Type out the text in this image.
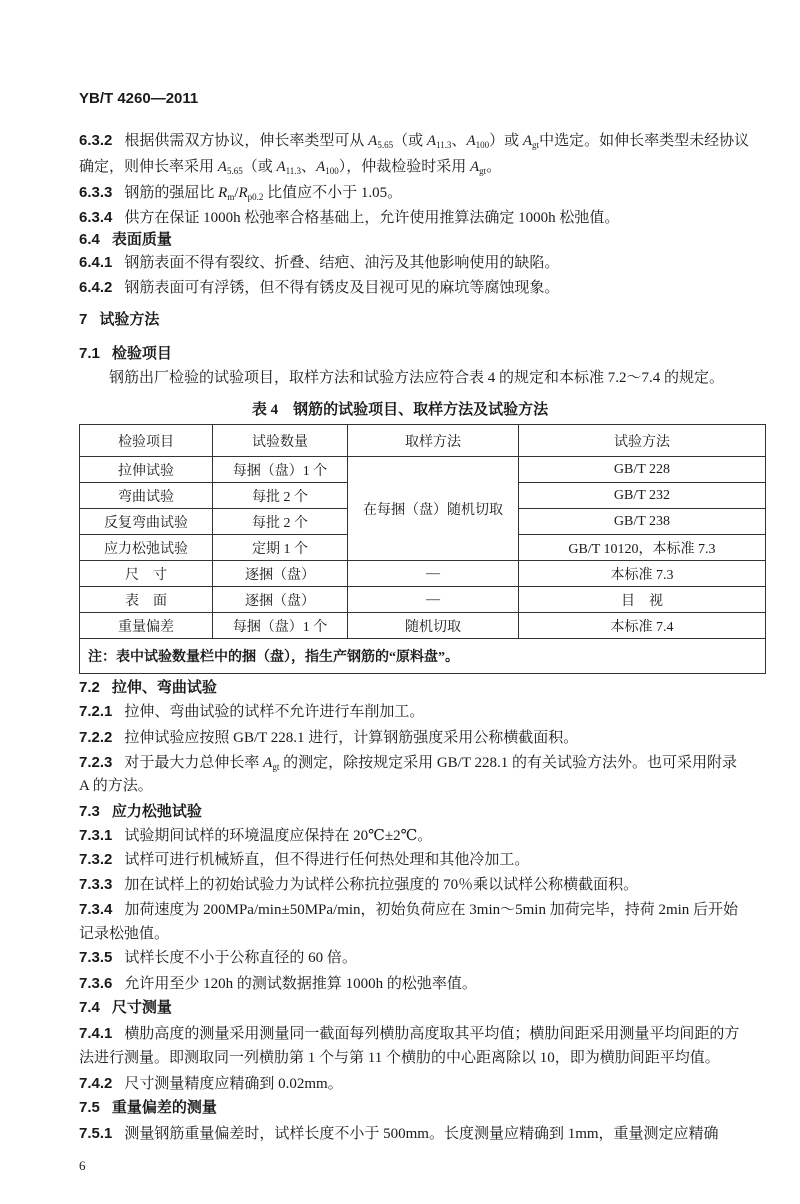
YB/T 4260—2011
6.3.2 根据供需双方协议，伸长率类型可从 $A_{5.65}$（或 $A_{11.3}$、$A_{100}$）或 $A_{gt}$中选定。如伸长率类型未经协议
确定，则伸长率采用 $A_{5.65}$（或 $A_{11.3}$、$A_{100}$），仲裁检验时采用 $A_{gt}$。
6.3.3 钢筋的强屈比 $R_m/R_{p0.2}$ 比值应不小于 1.05。
6.3.4 供方在保证 1000h 松弛率合格基础上，允许使用推算法确定 1000h 松弛值。
6.4 表面质量
6.4.1 钢筋表面不得有裂纹、折叠、结疤、油污及其他影响使用的缺陷。
6.4.2 钢筋表面可有浮锈，但不得有锈皮及目视可见的麻坑等腐蚀现象。
7 试验方法
7.1 检验项目
钢筋出厂检验的试验项目，取样方法和试验方法应符合表 4 的规定和本标准 7.2～7.4 的规定。
表 4　钢筋的试验项目、取样方法及试验方法
检验项目	试验数量	取样方法	试验方法
拉伸试验	每捆（盘）1 个	在每捆（盘）随机切取	GB/T 228
弯曲试验	每批 2 个		GB/T 232
反复弯曲试验	每批 2 个		GB/T 238
应力松弛试验	定期 1 个		GB/T 10120，本标准 7.3
尺　寸	逐捆（盘）	—	本标准 7.3
表　面	逐捆（盘）	—	目　视
重量偏差	每捆（盘）1 个	随机切取	本标准 7.4
注：表中试验数量栏中的捆（盘），指生产钢筋的“原料盘”。			
7.2 拉伸、弯曲试验
7.2.1 拉伸、弯曲试验的试样不允许进行车削加工。
7.2.2 拉伸试验应按照 GB/T 228.1 进行，计算钢筋强度采用公称横截面积。
7.2.3 对于最大力总伸长率 $A_{gt}$ 的测定，除按规定采用 GB/T 228.1 的有关试验方法外。也可采用附录
A 的方法。
7.3 应力松弛试验
7.3.1 试验期间试样的环境温度应保持在 20℃±2℃。
7.3.2 试样可进行机械矫直，但不得进行任何热处理和其他冷加工。
7.3.3 加在试样上的初始试验力为试样公称抗拉强度的 70％乘以试样公称横截面积。
7.3.4 加荷速度为 200MPa/min±50MPa/min，初始负荷应在 3min～5min 加荷完毕，持荷 2min 后开始
记录松弛值。
7.3.5 试样长度不小于公称直径的 60 倍。
7.3.6 允许用至少 120h 的测试数据推算 1000h 的松弛率值。
7.4 尺寸测量
7.4.1 横肋高度的测量采用测量同一截面每列横肋高度取其平均值；横肋间距采用测量平均间距的方
法进行测量。即测取同一列横肋第 1 个与第 11 个横肋的中心距离除以 10，即为横肋间距平均值。
7.4.2 尺寸测量精度应精确到 0.02mm。
7.5 重量偏差的测量
7.5.1 测量钢筋重量偏差时，试样长度不小于 500mm。长度测量应精确到 1mm，重量测定应精确
6
